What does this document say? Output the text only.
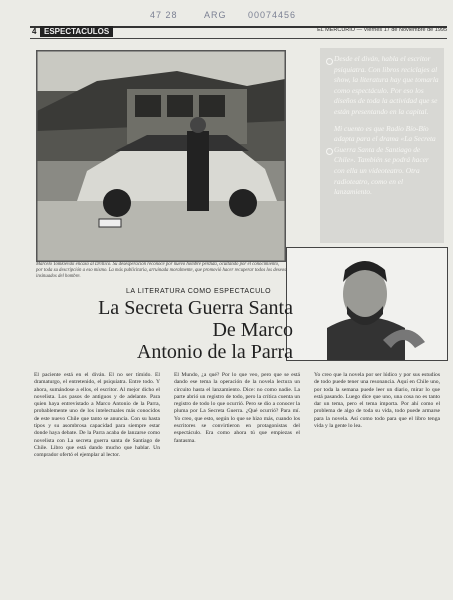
47 28	ARG 00074456
4 ESPECTACULOS	EL MERCURIO — Viernes 17 de Noviembre de 1995
Marcelo Tomkievski encasó al Drillico. Su desesperación reconoce por nuevo hombre pérdida, ocultando por el conocimiento, por toda su descripción a eso mismo. La más publicitaria, arruinada moralmente, que promovió hacer recuperar todos los deseos insinuados del hombre.
Desde el diván, habla el escritor psiquiatra. Con libros reciclajes al show, la literatura hay que tomarla como espectáculo. Por eso los diseños de toda la actividad que se están presentando en la capital.
Mi cuento es que Radio Bío-Bío adapta para el drama «La Secreta Guerra Santa de Santiago de Chile». También se podrá hacer con ella un videoteatro. Otra radioteatro, como en el lanzamiento.
LA LITERATURA COMO ESPECTACULO
La Secreta Guerra Santa
De Marco
Antonio de la Parra
El paciente está en el diván. El no ser tímido. El dramaturgo, el entretenido, el psiquiatra. Entre todo. Y ahora, sumándose a ellos, el escritor. Al mejor dicho el novelista. Los pasos de antiguos y de adelante. Para quien haya entrevistado a Marco Antonio de la Parra, probablemente uno de los intelectuales más conocidos de este nuevo Chile que tanto se anuncia. Con su hasta tipos y su asombrosa capacidad para siempre estar donde haya debate. De la Parra acaba de lanzarse como novelista con La secreta guerra santa de Santiago de Chile. Libro que está dando mucho que hablar. Un comprador ofertó el ejemplar al lector.
El Mundo, ¿a qué? Por lo que veo, pero que se está dando ese tema la operación de la novela lectura un circuito hasta el lanzamiento. Dice: no como nadie. La parte abrió un registro de todo, pero la crítica cuenta un registro de todo lo que ocurrió. Pero se dio a conocer la pluma por La Secreta Guerra. ¿Qué ocurrió? Para mí. Yo creo, que esto, según lo que se hizo más, cuando los escritores se convirtieron en protagonistas del espectáculo. Era como ahora tú que empiezas el fantasma.
Yo creo que la novela por ser lúdico y por sus estudios de todo puede tener una resonancia. Aquí en Chile uno, por toda la semana puede leer un diario, mirar lo que está pasando. Luego dice que uno, una cosa no es tanto dar un tema, pero el tema importa. Por ahí como el problema de algo de toda su vida, todo puede armarse para la novela. Así como todo para que el libro tenga vida y la gente lo lea.
